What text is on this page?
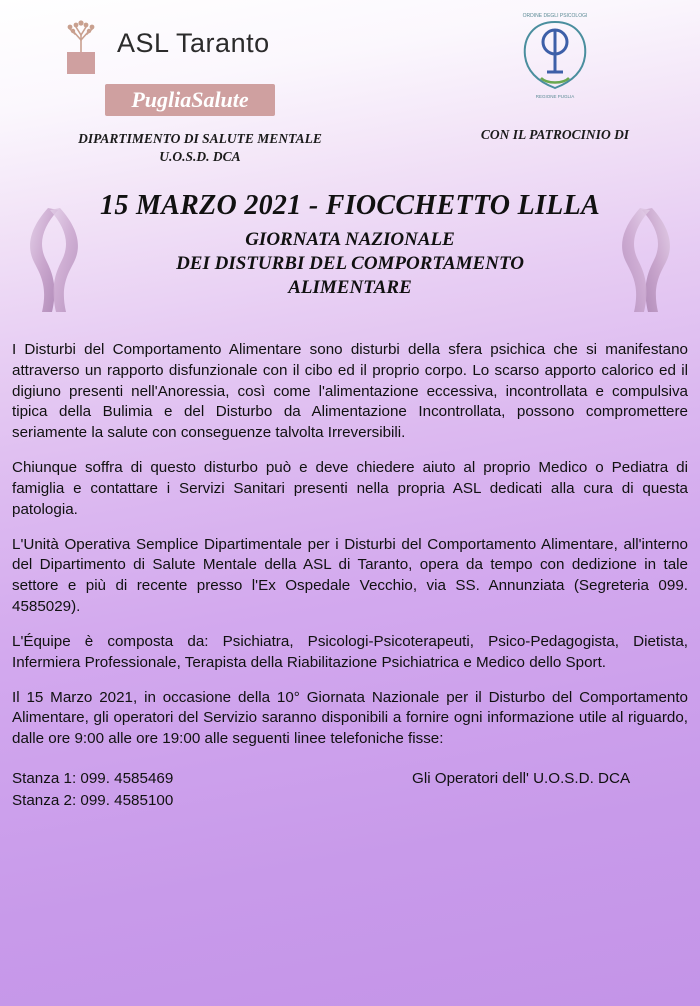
ASL Taranto
PugliaSalute
DIPARTIMENTO DI SALUTE MENTALE
U.O.S.D. DCA
ORDINE DEGLI PSICOLOGI
REGIONE PUGLIA
CON IL PATROCINIO DI
15 MARZO 2021 - FIOCCHETTO LILLA
GIORNATA NAZIONALE
DEI DISTURBI DEL COMPORTAMENTO
ALIMENTARE

I Disturbi del Comportamento Alimentare sono disturbi della sfera psichica che si manifestano attraverso un rapporto disfunzionale con il cibo ed il proprio corpo. Lo scarso apporto calorico ed il digiuno presenti nell'Anoressia, così come l'alimentazione eccessiva, incontrollata e compulsiva tipica della Bulimia e del Disturbo da Alimentazione Incontrollata, possono compromettere seriamente la salute con conseguenze talvolta Irreversibili.

Chiunque soffra di questo disturbo può e deve chiedere aiuto al proprio Medico o Pediatra di famiglia e contattare i Servizi Sanitari presenti nella propria ASL dedicati alla cura di questa patologia.

L'Unità Operativa Semplice Dipartimentale per i Disturbi del Comportamento Alimentare, all'interno del Dipartimento di Salute Mentale della ASL di Taranto, opera da tempo con dedizione in tale settore e più di recente presso l'Ex Ospedale Vecchio, via SS. Annunziata (Segreteria 099. 4585029).

L'Équipe è composta da: Psichiatra, Psicologi-Psicoterapeuti, Psico-Pedagogista, Dietista, Infermiera Professionale, Terapista della Riabilitazione Psichiatrica e Medico dello Sport.

Il 15 Marzo 2021, in occasione della 10° Giornata Nazionale per il Disturbo del Comportamento Alimentare, gli operatori del Servizio saranno disponibili a fornire ogni informazione utile al riguardo, dalle ore 9:00 alle ore 19:00 alle seguenti linee telefoniche fisse:

Stanza 1: 099. 4585469
Stanza 2: 099. 4585100
Gli Operatori dell' U.O.S.D. DCA
